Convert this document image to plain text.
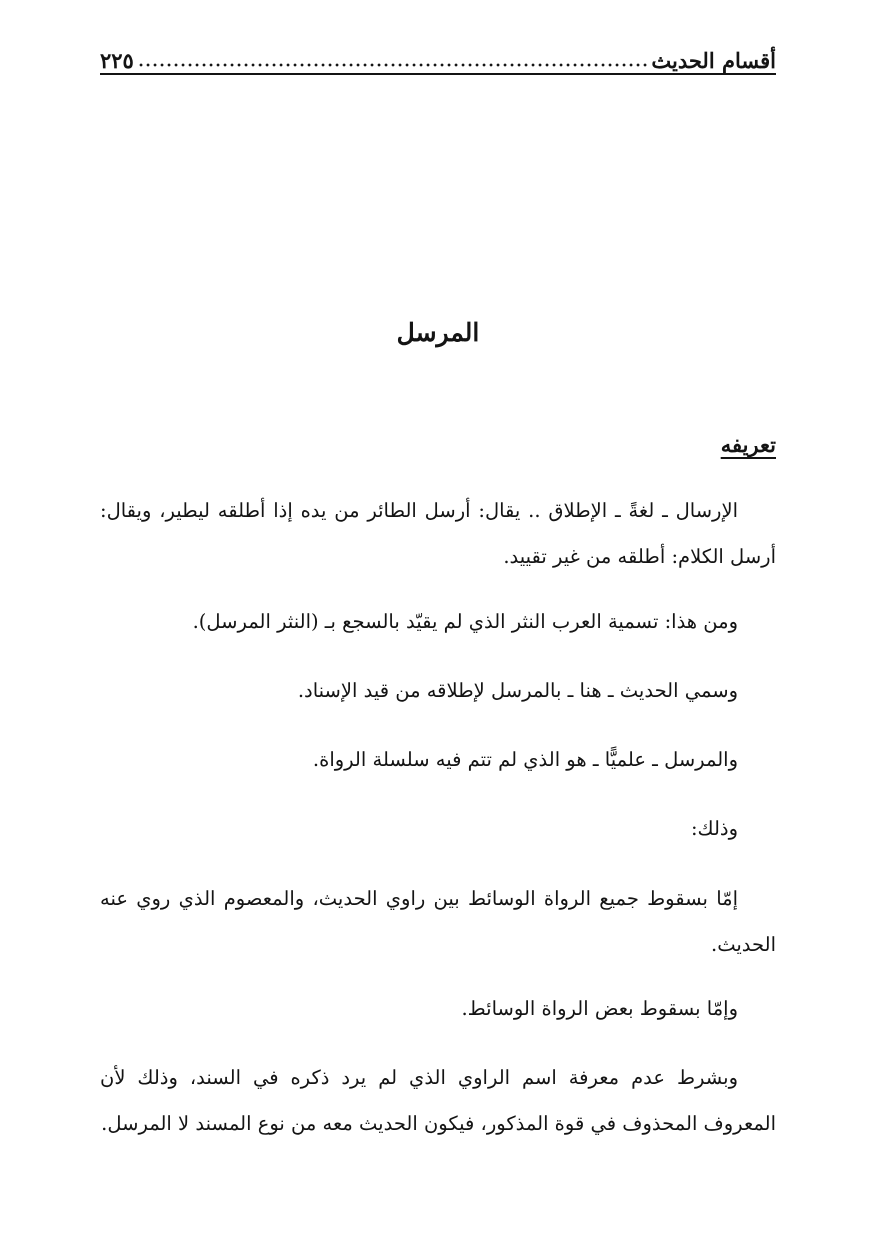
أقسام الحديث
٢٢٥
المرسل
تعريفه

الإرسال ـ لغةً ـ الإطلاق .. يقال: أرسل الطائر من يده إذا أطلقه ليطير، ويقال: أرسل الكلام: أطلقه من غير تقييد.

ومن هذا: تسمية العرب النثر الذي لم يقيّد بالسجع بـ (النثر المرسل).

وسمي الحديث ـ هنا ـ بالمرسل لإطلاقه من قيد الإسناد.

والمرسل ـ علميًّا ـ هو الذي لم تتم فيه سلسلة الرواة.

وذلك:

إمّا بسقوط جميع الرواة الوسائط بين راوي الحديث، والمعصوم الذي روي عنه الحديث.

وإمّا بسقوط بعض الرواة الوسائط.

وبشرط عدم معرفة اسم الراوي الذي لم يرد ذكره في السند، وذلك لأن المعروف المحذوف في قوة المذكور، فيكون الحديث معه من نوع المسند لا المرسل.
